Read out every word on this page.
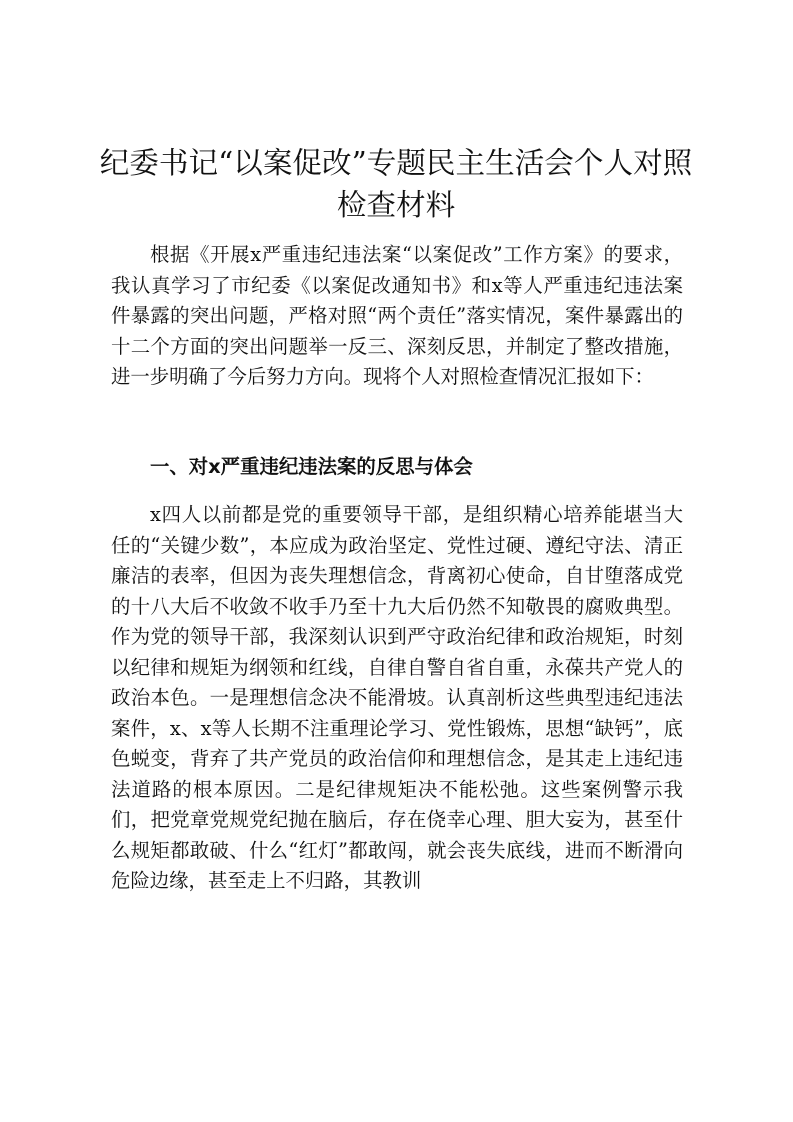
纪委书记“以案促改”专题民主生活会个人对照检查材料

根据《开展x严重违纪违法案“以案促改”工作方案》的要求，我认真学习了市纪委《以案促改通知书》和x等人严重违纪违法案件暴露的突出问题，严格对照“两个责任”落实情况，案件暴露出的十二个方面的突出问题举一反三、深刻反思，并制定了整改措施，进一步明确了今后努力方向。现将个人对照检查情况汇报如下：

一、对x严重违纪违法案的反思与体会

x四人以前都是党的重要领导干部，是组织精心培养能堪当大任的“关键少数”，本应成为政治坚定、党性过硬、遵纪守法、清正廉洁的表率，但因为丧失理想信念，背离初心使命，自甘堕落成党的十八大后不收敛不收手乃至十九大后仍然不知敬畏的腐败典型。作为党的领导干部，我深刻认识到严守政治纪律和政治规矩，时刻以纪律和规矩为纲领和红线，自律自警自省自重，永葆共产党人的政治本色。一是理想信念决不能滑坡。认真剖析这些典型违纪违法案件，x、x等人长期不注重理论学习、党性锻炼，思想“缺钙”，底色蜕变，背弃了共产党员的政治信仰和理想信念，是其走上违纪违法道路的根本原因。二是纪律规矩决不能松弛。这些案例警示我们，把党章党规党纪抛在脑后，存在侥幸心理、胆大妄为，甚至什么规矩都敢破、什么“红灯”都敢闯，就会丧失底线，进而不断滑向危险边缘，甚至走上不归路，其教训
